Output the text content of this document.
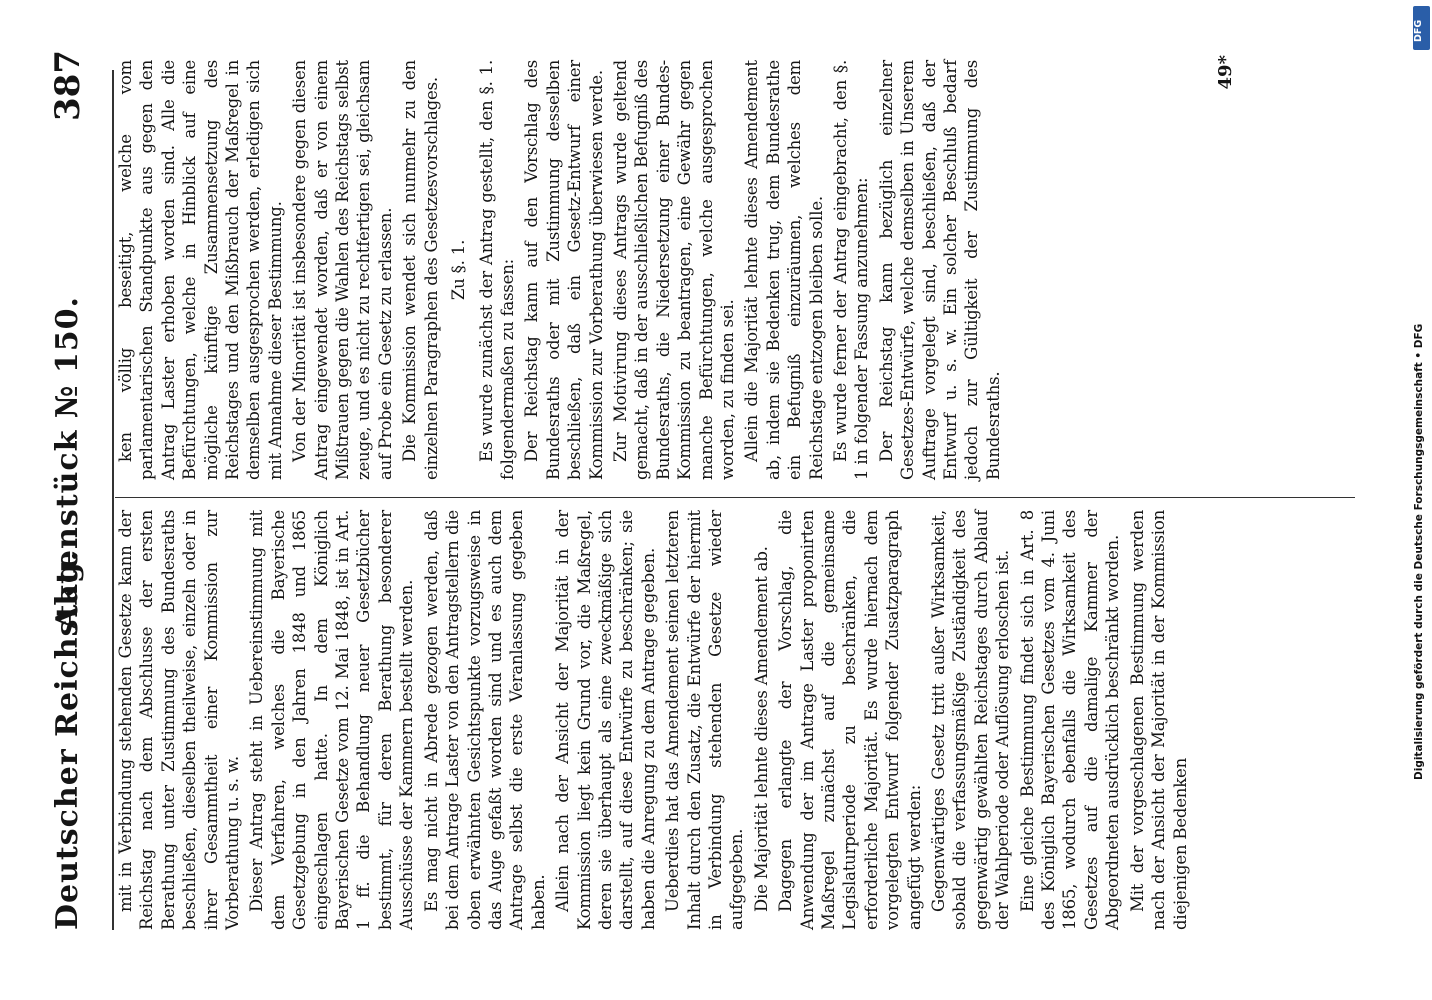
Deutscher Reichstag.
Aktenstück № 150.
387

mit in Verbindung stehenden Gesetze kann der Reichstag nach dem Abschlusse der ersten Berathung unter Zustimmung des Bundesraths beschließen, dieselben theilweise, einzeln oder in ihrer Gesammtheit einer Kommission zur Vorberathung u. s. w. Dieser Antrag steht in Uebereinstimmung mit dem Verfahren, welches die Bayerische Gesetzgebung in den Jahren 1848 und 1865 eingeschlagen hatte. In dem Königlich Bayerischen Gesetze vom 12. Mai 1848, ist in Art. 1 ff. die Behandlung neuer Gesetzbücher bestimmt, für deren Berathung besonderer Ausschüsse der Kammern bestellt werden. Es mag nicht in Abrede gezogen werden, daß bei dem Antrage Laster von den Antragstellern die oben erwähnten Gesichtspunkte vorzugsweise in das Auge gefaßt worden sind und es auch dem Antrage selbst die erste Veranlassung gegeben haben. Allein nach der Ansicht der Majorität in der Kommission liegt kein Grund vor, die Maßregel, deren sie überhaupt als eine zweckmäßige sich darstellt, auf diese Entwürfe zu beschränken; sie haben die Anregung zu dem Antrage gegeben. Ueberdies hat das Amendement seinen letzteren Inhalt durch den Zusatz, die Entwürfe der hiermit in Verbindung stehenden Gesetze wieder aufgegeben. Die Majorität lehnte dieses Amendement ab. Dagegen erlangte der Vorschlag, die Anwendung der im Antrage Laster proponirten Maßregel zunächst auf die gemeinsame Legislaturperiode zu beschränken, die erforderliche Majorität. Es wurde hiernach dem vorgelegten Entwurf folgender Zusatzparagraph angefügt werden: Gegenwärtiges Gesetz tritt außer Wirksamkeit, sobald die verfassungsmäßige Zuständigkeit des gegenwärtig gewählten Reichstages durch Ablauf der Wahlperiode oder Auflösung erloschen ist. Eine gleiche Bestimmung findet sich in Art. 8 des Königlich Bayerischen Gesetzes vom 4. Juni 1865, wodurch ebenfalls die Wirksamkeit des Gesetzes auf die damalige Kammer der Abgeordneten ausdrücklich beschränkt worden. Mit der vorgeschlagenen Bestimmung werden nach der Ansicht der Majorität in der Kommission diejenigen Bedenken

ken völlig beseitigt, welche vom parlamentarischen Standpunkte aus gegen den Antrag Laster erhoben worden sind. Alle die Befürchtungen, welche in Hinblick auf eine mögliche künftige Zusammensetzung des Reichstages und den Mißbrauch der Maßregel in demselben ausgesprochen werden, erledigen sich mit Annahme dieser Bestimmung. Von der Minorität ist insbesondere gegen diesen Antrag eingewendet worden, daß er von einem Mißtrauen gegen die Wahlen des Reichstags selbst zeuge, und es nicht zu rechtfertigen sei, gleichsam auf Probe ein Gesetz zu erlassen. Die Kommission wendet sich nunmehr zu den einzelnen Paragraphen des Gesetzesvorschlages. Zu §. 1. Es wurde zunächst der Antrag gestellt, den §. 1. folgendermaßen zu fassen: Der Reichstag kann auf den Vorschlag des Bundesraths oder mit Zustimmung desselben beschließen, daß ein Gesetz-Entwurf einer Kommission zur Vorberathung überwiesen werde. Zur Motivirung dieses Antrags wurde geltend gemacht, daß in der ausschließlichen Befugniß des Bundesraths, die Niedersetzung einer Bundes-Kommission zu beantragen, eine Gewähr gegen manche Befürchtungen, welche ausgesprochen worden, zu finden sei. Allein die Majorität lehnte dieses Amendement ab, indem sie Bedenken trug, dem Bundesrathe ein Befugniß einzuräumen, welches dem Reichstage entzogen bleiben solle. Es wurde ferner der Antrag eingebracht, den §. 1 in folgender Fassung anzunehmen: Der Reichstag kann bezüglich einzelner Gesetzes-Entwürfe, welche demselben in Unserem Auftrage vorgelegt sind, beschließen, daß der Entwurf u. s. w. Ein solcher Beschluß bedarf jedoch zur Gültigkeit der Zustimmung des Bundesraths.

49*
Digitalisierung gefördert durch die Deutsche Forschungsgemeinschaft • DFG
DFG
